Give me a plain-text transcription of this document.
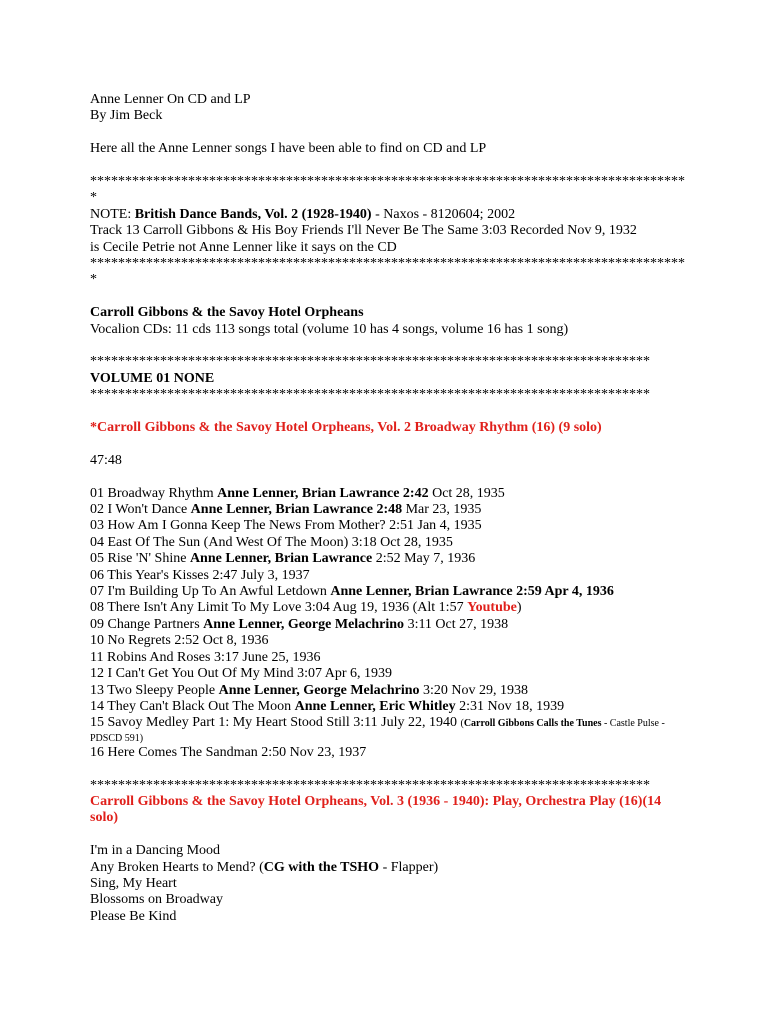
Anne Lenner On CD and LP
By Jim Beck
Here all the Anne Lenner songs I have been able to find on CD and LP
*************************************************************************************
*
NOTE: British Dance Bands, Vol. 2 (1928-1940) - Naxos - 8120604; 2002
Track 13 Carroll Gibbons & His Boy Friends I'll Never Be The Same 3:03 Recorded Nov 9, 1932
is Cecile Petrie not Anne Lenner like it says on the CD
*************************************************************************************
*
Carroll Gibbons & the Savoy Hotel Orpheans
Vocalion CDs: 11 cds 113 songs total (volume 10 has 4 songs, volume 16 has 1 song)
********************************************************************************
VOLUME 01 NONE
********************************************************************************
*Carroll Gibbons & the Savoy Hotel Orpheans, Vol. 2 Broadway Rhythm (16) (9 solo)
47:48
01 Broadway Rhythm Anne Lenner, Brian Lawrance 2:42 Oct 28, 1935
02 I Won't Dance Anne Lenner, Brian Lawrance 2:48 Mar 23, 1935
03 How Am I Gonna Keep The News From Mother? 2:51 Jan 4, 1935
04 East Of The Sun (And West Of The Moon) 3:18 Oct 28, 1935
05 Rise 'N' Shine Anne Lenner, Brian Lawrance 2:52 May 7, 1936
06 This Year's Kisses 2:47 July 3, 1937
07 I'm Building Up To An Awful Letdown Anne Lenner, Brian Lawrance 2:59 Apr 4, 1936
08 There Isn't Any Limit To My Love 3:04 Aug 19, 1936 (Alt 1:57 Youtube)
09 Change Partners Anne Lenner, George Melachrino 3:11 Oct 27, 1938
10 No Regrets 2:52 Oct 8, 1936
11 Robins And Roses 3:17 June 25, 1936
12 I Can't Get You Out Of My Mind 3:07 Apr 6, 1939
13 Two Sleepy People Anne Lenner, George Melachrino 3:20 Nov 29, 1938
14 They Can't Black Out The Moon Anne Lenner, Eric Whitley 2:31 Nov 18, 1939
15 Savoy Medley Part 1: My Heart Stood Still 3:11 July 22, 1940 (Carroll Gibbons Calls the Tunes - Castle Pulse -
PDSCD 591)
16 Here Comes The Sandman 2:50 Nov 23, 1937
********************************************************************************
Carroll Gibbons & the Savoy Hotel Orpheans, Vol. 3 (1936 - 1940): Play, Orchestra Play (16)(14
solo)
I'm in a Dancing Mood
Any Broken Hearts to Mend? (CG with the TSHO - Flapper)
Sing, My Heart
Blossoms on Broadway
Please Be Kind
